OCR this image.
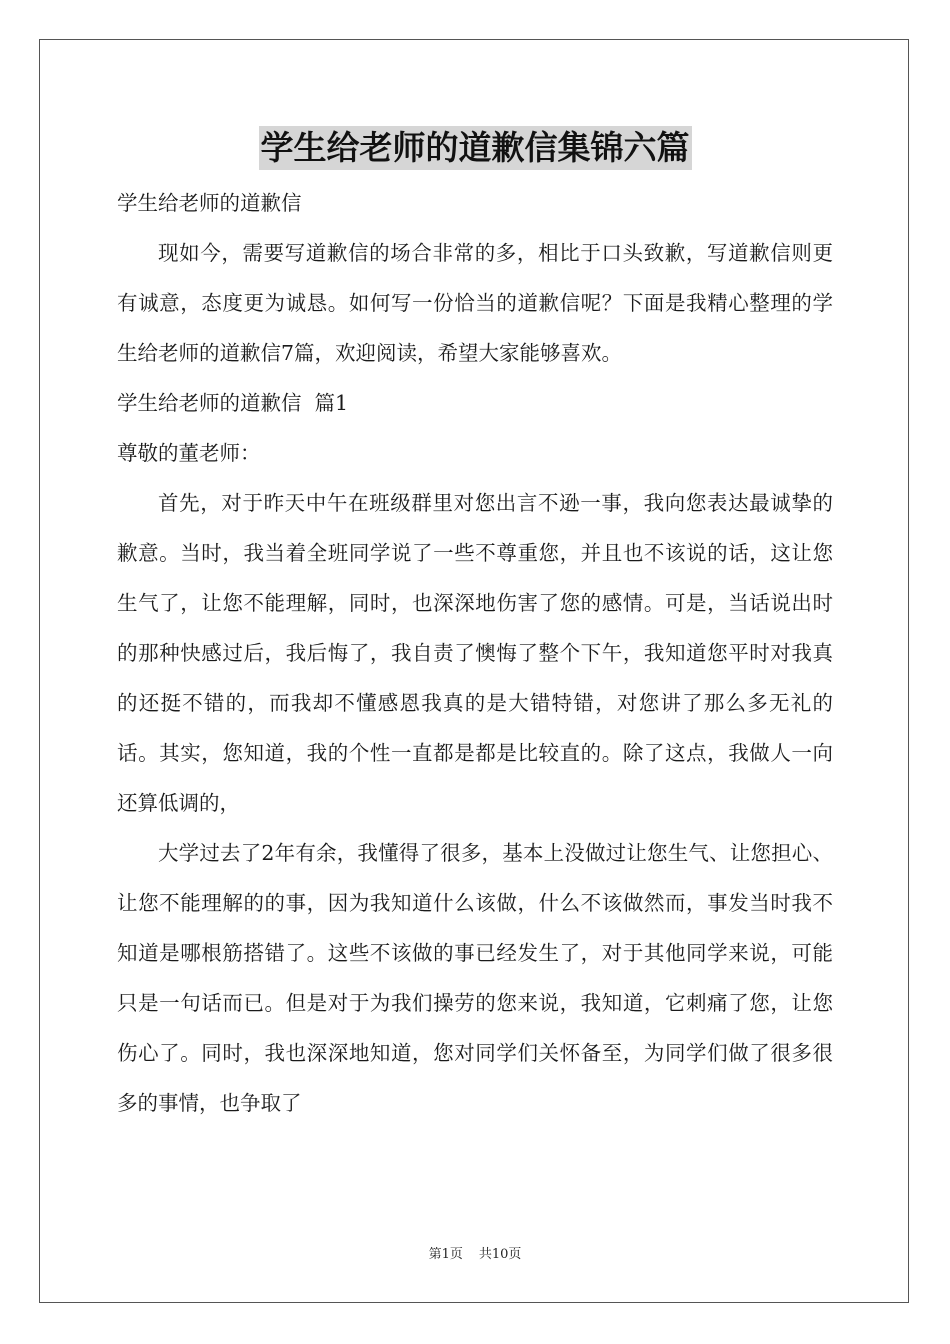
学生给老师的道歉信集锦六篇
学生给老师的道歉信
现如今，需要写道歉信的场合非常的多，相比于口头致歉，写道歉信则更有诚意，态度更为诚恳。如何写一份恰当的道歉信呢？下面是我精心整理的学生给老师的道歉信7篇，欢迎阅读，希望大家能够喜欢。
学生给老师的道歉信  篇1
尊敬的董老师：
首先，对于昨天中午在班级群里对您出言不逊一事，我向您表达最诚挚的歉意。当时，我当着全班同学说了一些不尊重您，并且也不该说的话，这让您生气了，让您不能理解，同时，也深深地伤害了您的感情。可是，当话说出时的那种快感过后，我后悔了，我自责了懊悔了整个下午，我知道您平时对我真的还挺不错的，而我却不懂感恩我真的是大错特错，对您讲了那么多无礼的话。其实，您知道，我的个性一直都是都是比较直的。除了这点，我做人一向还算低调的，
大学过去了2年有余，我懂得了很多，基本上没做过让您生气、让您担心、让您不能理解的的事，因为我知道什么该做，什么不该做然而，事发当时我不知道是哪根筋搭错了。这些不该做的事已经发生了，对于其他同学来说，可能只是一句话而已。但是对于为我们操劳的您来说，我知道，它刺痛了您，让您伤心了。同时，我也深深地知道，您对同学们关怀备至，为同学们做了很多很多的事情，也争取了
第1页 共10页
